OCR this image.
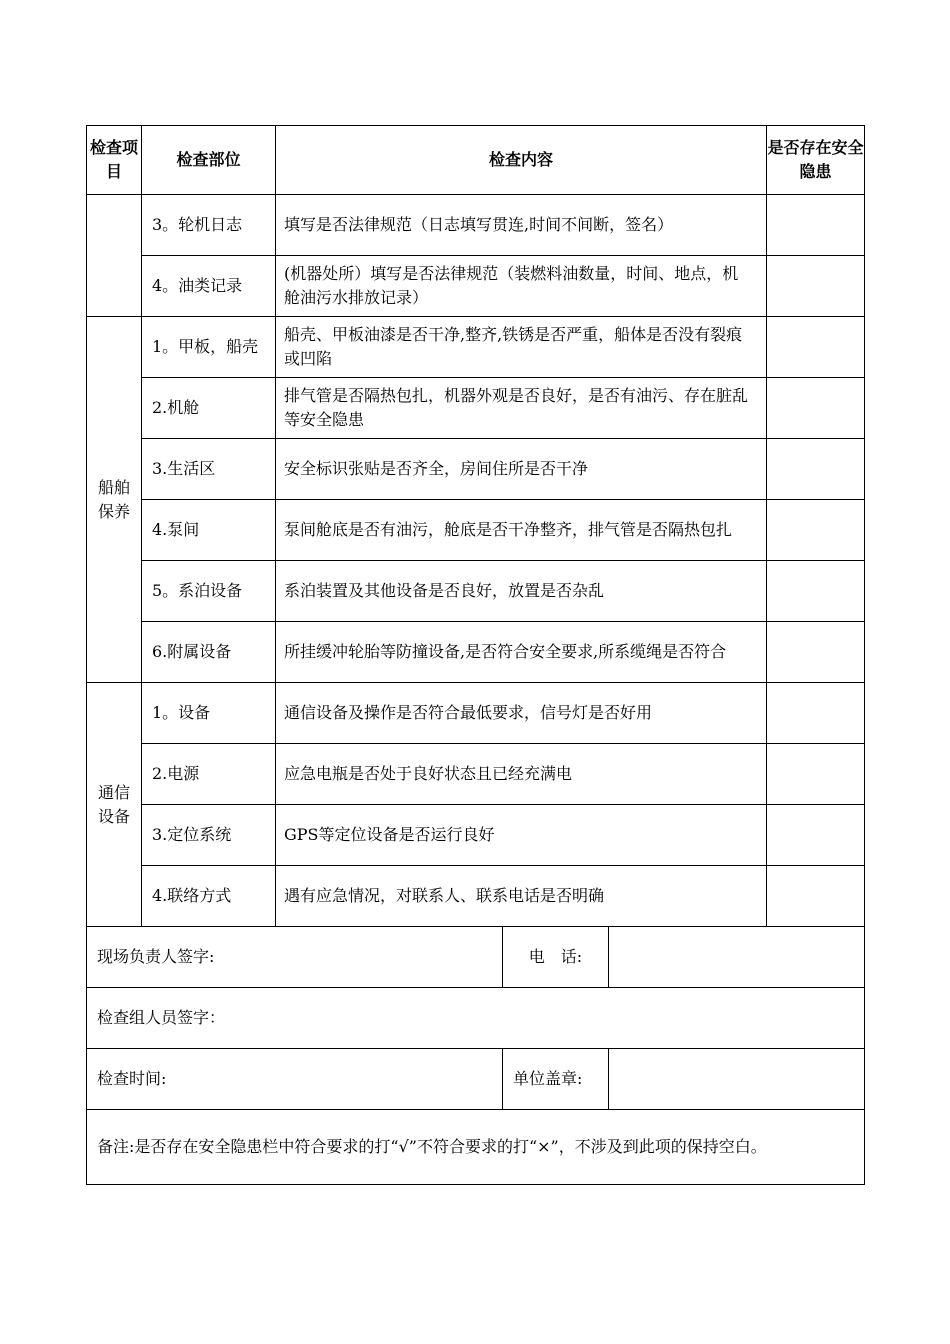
检查项目	检查部位	检查内容	是否存在安全隐患
	3。轮机日志	填写是否法律规范（日志填写贯连,时间不间断，签名）	
	4。油类记录	(机器处所）填写是否法律规范（装燃料油数量，时间、地点，机舱油污水排放记录）	
船舶保养	1。甲板，船壳	船壳、甲板油漆是否干净,整齐,铁锈是否严重，船体是否没有裂痕或凹陷	
	2.机舱	排气管是否隔热包扎，机器外观是否良好，是否有油污、存在脏乱等安全隐患	
	3.生活区	安全标识张贴是否齐全，房间住所是否干净	
	4.泵间	泵间舱底是否有油污，舱底是否干净整齐，排气管是否隔热包扎	
	5。系泊设备	系泊装置及其他设备是否良好，放置是否杂乱	
	6.附属设备	所挂缓冲轮胎等防撞设备,是否符合安全要求,所系缆绳是否符合	
通信设备	1。设备	通信设备及操作是否符合最低要求，信号灯是否好用	
	2.电源	应急电瓶是否处于良好状态且已经充满电	
	3.定位系统	GPS等定位设备是否运行良好	
	4.联络方式	遇有应急情况，对联系人、联系电话是否明确	
现场负责人签字:	电　话:	
检查组人员签字：		
检查时间:	单位盖章:	
备注:是否存在安全隐患栏中符合要求的打“√”不符合要求的打“×”，不涉及到此项的保持空白。		
